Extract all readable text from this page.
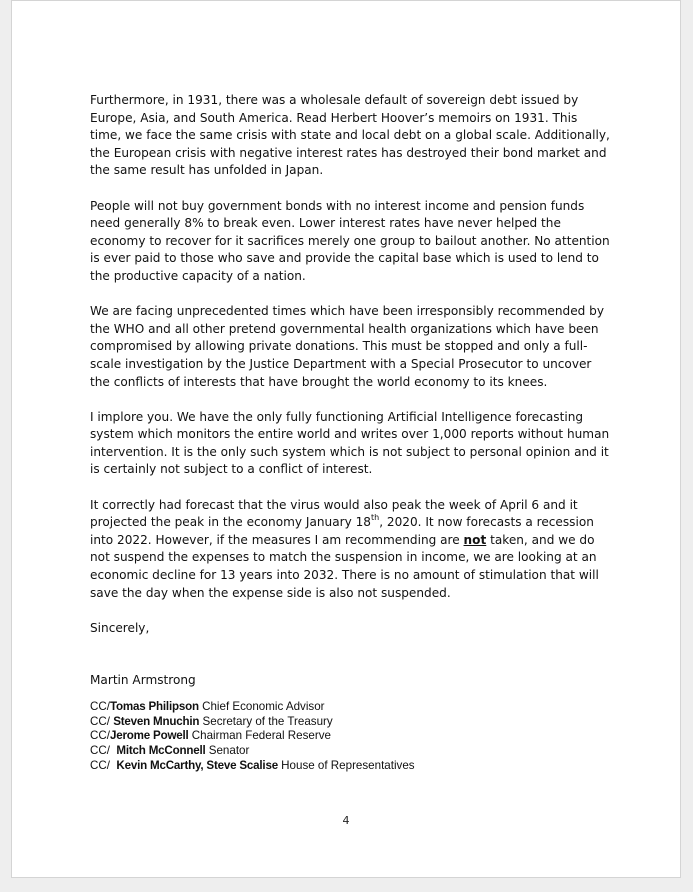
Furthermore, in 1931, there was a wholesale default of sovereign debt issued by Europe, Asia, and South America. Read Herbert Hoover’s memoirs on 1931. This time, we face the same crisis with state and local debt on a global scale. Additionally, the European crisis with negative interest rates has destroyed their bond market and the same result has unfolded in Japan.

People will not buy government bonds with no interest income and pension funds need generally 8% to break even. Lower interest rates have never helped the economy to recover for it sacrifices merely one group to bailout another. No attention is ever paid to those who save and provide the capital base which is used to lend to the productive capacity of a nation.

We are facing unprecedented times which have been irresponsibly recommended by the WHO and all other pretend governmental health organizations which have been compromised by allowing private donations. This must be stopped and only a full-scale investigation by the Justice Department with a Special Prosecutor to uncover the conflicts of interests that have brought the world economy to its knees.

I implore you. We have the only fully functioning Artificial Intelligence forecasting system which monitors the entire world and writes over 1,000 reports without human intervention. It is the only such system which is not subject to personal opinion and it is certainly not subject to a conflict of interest.

It correctly had forecast that the virus would also peak the week of April 6 and it projected the peak in the economy January 18th, 2020. It now forecasts a recession into 2022. However, if the measures I am recommending are not taken, and we do not suspend the expenses to match the suspension in income, we are looking at an economic decline for 13 years into 2032. There is no amount of stimulation that will save the day when the expense side is also not suspended.

Sincerely,
Martin Armstrong
CC/Tomas Philipson Chief Economic Advisor
CC/ Steven Mnuchin Secretary of the Treasury
CC/Jerome Powell Chairman Federal Reserve
CC/  Mitch McConnell Senator
CC/  Kevin McCarthy, Steve Scalise House of Representatives
4
